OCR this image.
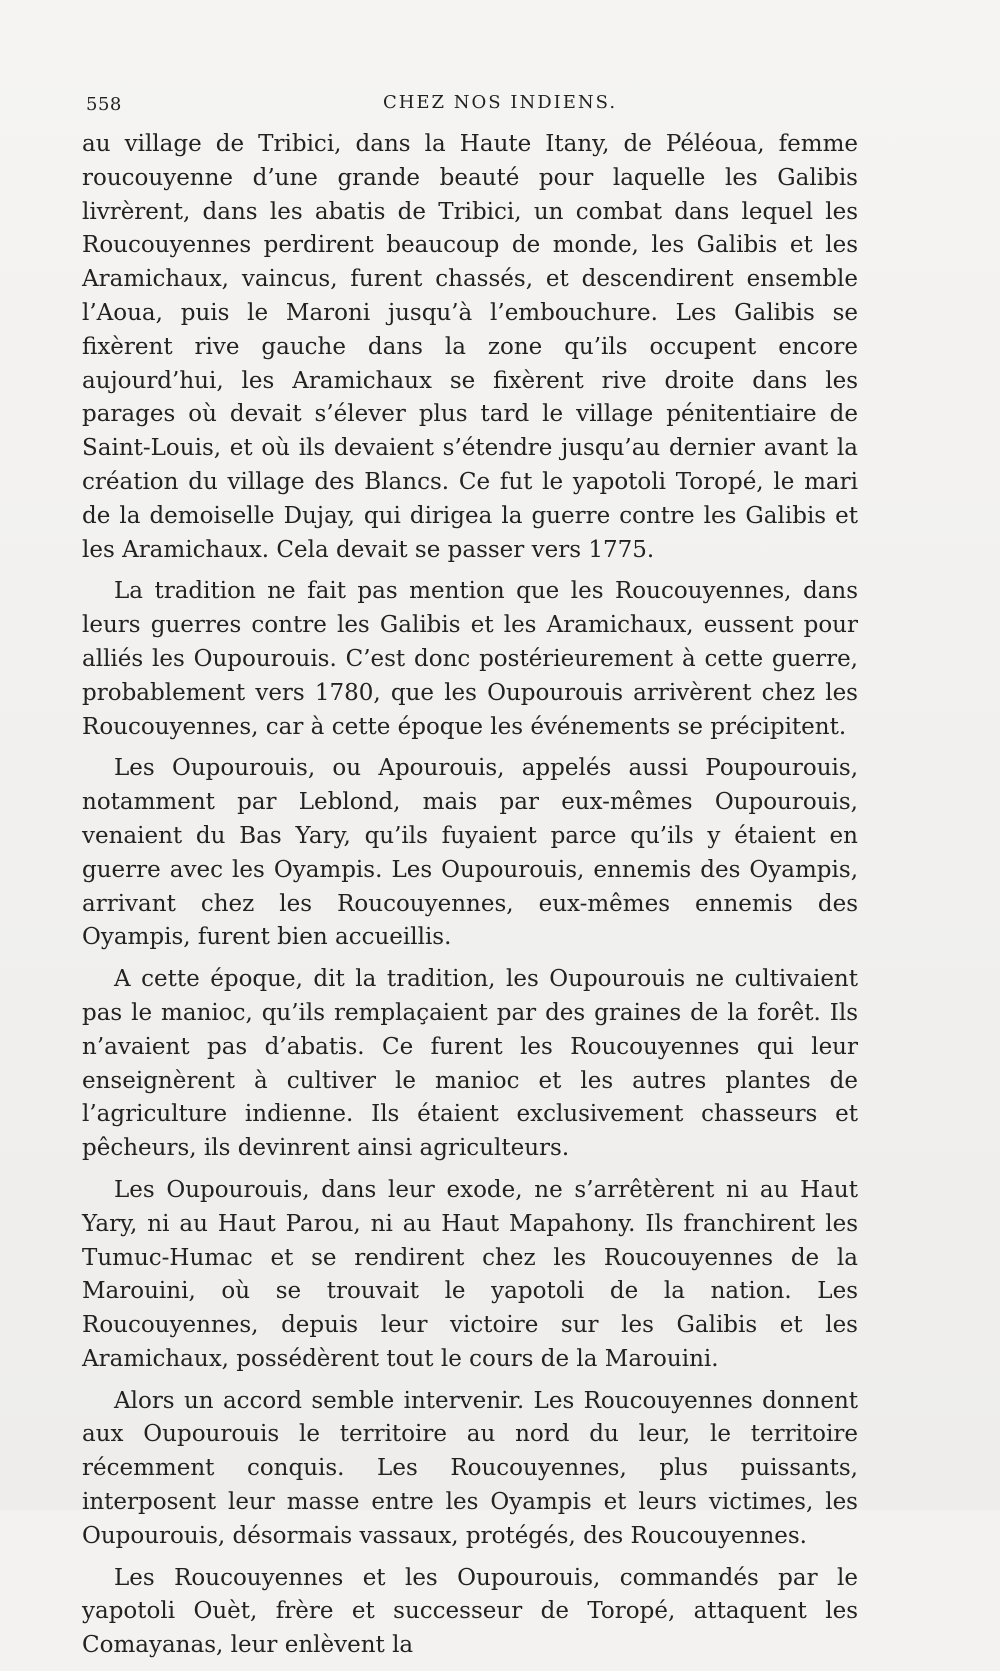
558	CHEZ NOS INDIENS.

au village de Tribici, dans la Haute Itany, de Péléoua, femme roucouyenne d’une grande beauté pour laquelle les Galibis livrèrent, dans les abatis de Tribici, un combat dans lequel les Roucouyennes perdirent beaucoup de monde, les Galibis et les Aramichaux, vaincus, furent chassés, et descendirent ensemble l’Aoua, puis le Maroni jusqu’à l’embouchure. Les Galibis se fixèrent rive gauche dans la zone qu’ils occupent encore aujourd’hui, les Aramichaux se fixèrent rive droite dans les parages où devait s’élever plus tard le village pénitentiaire de Saint-Louis, et où ils devaient s’étendre jusqu’au dernier avant la création du village des Blancs. Ce fut le yapotoli Toropé, le mari de la demoiselle Dujay, qui dirigea la guerre contre les Galibis et les Aramichaux. Cela devait se passer vers 1775.

La tradition ne fait pas mention que les Roucouyennes, dans leurs guerres contre les Galibis et les Aramichaux, eussent pour alliés les Oupourouis. C’est donc postérieurement à cette guerre, probablement vers 1780, que les Oupourouis arrivèrent chez les Roucouyennes, car à cette époque les événements se précipitent.

Les Oupourouis, ou Apourouis, appelés aussi Poupourouis, notamment par Leblond, mais par eux-mêmes Oupourouis, venaient du Bas Yary, qu’ils fuyaient parce qu’ils y étaient en guerre avec les Oyampis. Les Oupourouis, ennemis des Oyampis, arrivant chez les Roucouyennes, eux-mêmes ennemis des Oyampis, furent bien accueillis.

A cette époque, dit la tradition, les Oupourouis ne cultivaient pas le manioc, qu’ils remplaçaient par des graines de la forêt. Ils n’avaient pas d’abatis. Ce furent les Roucouyennes qui leur enseignèrent à cultiver le manioc et les autres plantes de l’agriculture indienne. Ils étaient exclusivement chasseurs et pêcheurs, ils devinrent ainsi agriculteurs.

Les Oupourouis, dans leur exode, ne s’arrêtèrent ni au Haut Yary, ni au Haut Parou, ni au Haut Mapahony. Ils franchirent les Tumuc-Humac et se rendirent chez les Roucouyennes de la Marouini, où se trouvait le yapotoli de la nation. Les Roucouyennes, depuis leur victoire sur les Galibis et les Aramichaux, possédèrent tout le cours de la Marouini.

Alors un accord semble intervenir. Les Roucouyennes donnent aux Oupourouis le territoire au nord du leur, le territoire récemment conquis. Les Roucouyennes, plus puissants, interposent leur masse entre les Oyampis et leurs victimes, les Oupourouis, désormais vassaux, protégés, des Roucouyennes.

Les Roucouyennes et les Oupourouis, commandés par le yapotoli Ouèt, frère et successeur de Toropé, attaquent les Comayanas, leur enlèvent la
